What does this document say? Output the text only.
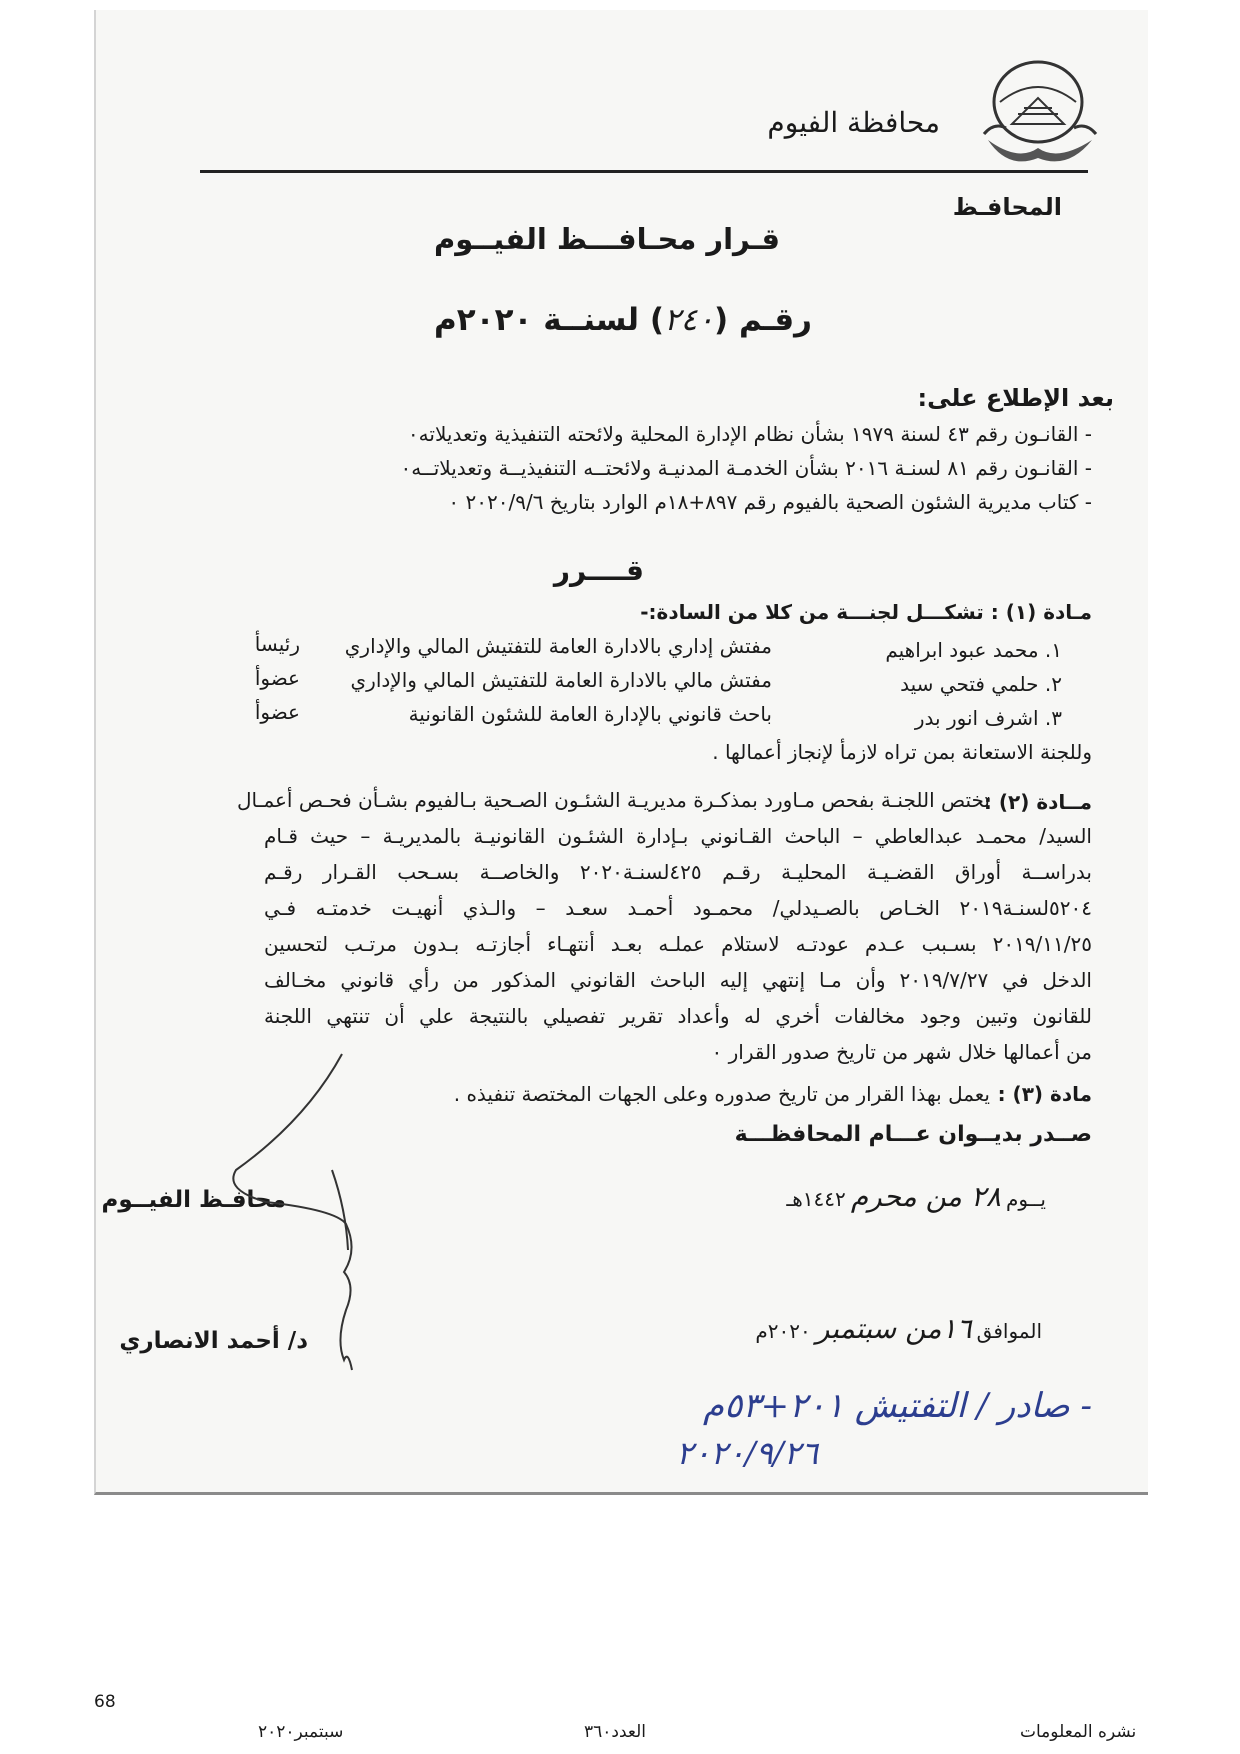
محافظة الفيوم
المحافـظ
قـرار محـافـــظ الفيــوم
رقـم (٢٤٠) لسنــة ٢٠٢٠م
بعد الإطلاع على:
- القانـون رقم ٤٣ لسنة ١٩٧٩ بشأن نظام الإدارة المحلية ولائحته التنفيذية وتعديلاته٠
- القانـون رقم ٨١ لسنـة ٢٠١٦ بشأن الخدمـة المدنيـة ولائحتــه التنفيذيــة وتعديلاتــه٠
- كتاب مديرية الشئون الصحية بالفيوم رقم ٨٩٧+١٨م الوارد بتاريخ ٢٠٢٠/٩/٦ ٠
قــــرر
مـادة (١) : تشكـــل لجنـــة من كلا من السادة:-
١. محمد عبود ابراهيم
مفتش إداري بالادارة العامة للتفتيش المالي والإداري
رئيسأ
٢. حلمي فتحي سيد
مفتش مالي بالادارة العامة للتفتيش المالي والإداري
عضوأ
٣. اشرف انور بدر
باحث قانوني بالإدارة العامة للشئون القانونية
عضوأ
وللجنة الاستعانة بمن تراه لازمأ لإنجاز أعمالها .
مــادة (٢) :
تختص اللجنـة بفحص مـاورد بمذكـرة مديريـة الشئـون الصـحية بـالفيوم بشـأن فحـص أعمـال
السيد/ محمـد عبدالعاطي – الباحث القـانوني بـإدارة الشئـون القانونيـة بالمديريـة – حيث قـام
بدراســة أوراق القضـيـة المحليـة رقـم ٤٢٥لسنـة٢٠٢٠ والخاصــة بسـحب القـرار رقـم
٥٢٠٤لسنـة٢٠١٩ الخـاص بالصـيدلي/ محمـود أحمـد سعـد – والـذي أنهيـت خدمتـه فـي
٢٠١٩/١١/٢٥ بسـبب عـدم عودتـه لاستلام عملـه بعـد أنتهـاء أجازتـه بـدون مرتـب لتحسين
الدخل في ٢٠١٩/٧/٢٧ وأن مـا إنتهي إليه الباحث القانوني المذكور من رأي قانوني مخـالف
للقانون وتبين وجود مخالفات أخري له وأعداد تقرير تفصيلي بالنتيجة علي أن تنتهي اللجنة
من أعمالها خلال شهر من تاريخ صدور القرار ٠
مادة (٣) :
يعمل بهذا القرار من تاريخ صدوره وعلى الجهات المختصة تنفيذه .
صــدر بديــوان عـــام المحافظـــة
يــوم ٢٨ من محرم ١٤٤٢هـ
الموافق ١٦من سبتمبر ٢٠٢٠م
محافـظ الفيــوم
د/ أحمد الانصاري
- صادر / التفتيش ٢٠١+٥٣م
٢٠٢٠/٩/٢٦
68
نشره المعلومات
العدد٣٦٠
سبتمبر٢٠٢٠
